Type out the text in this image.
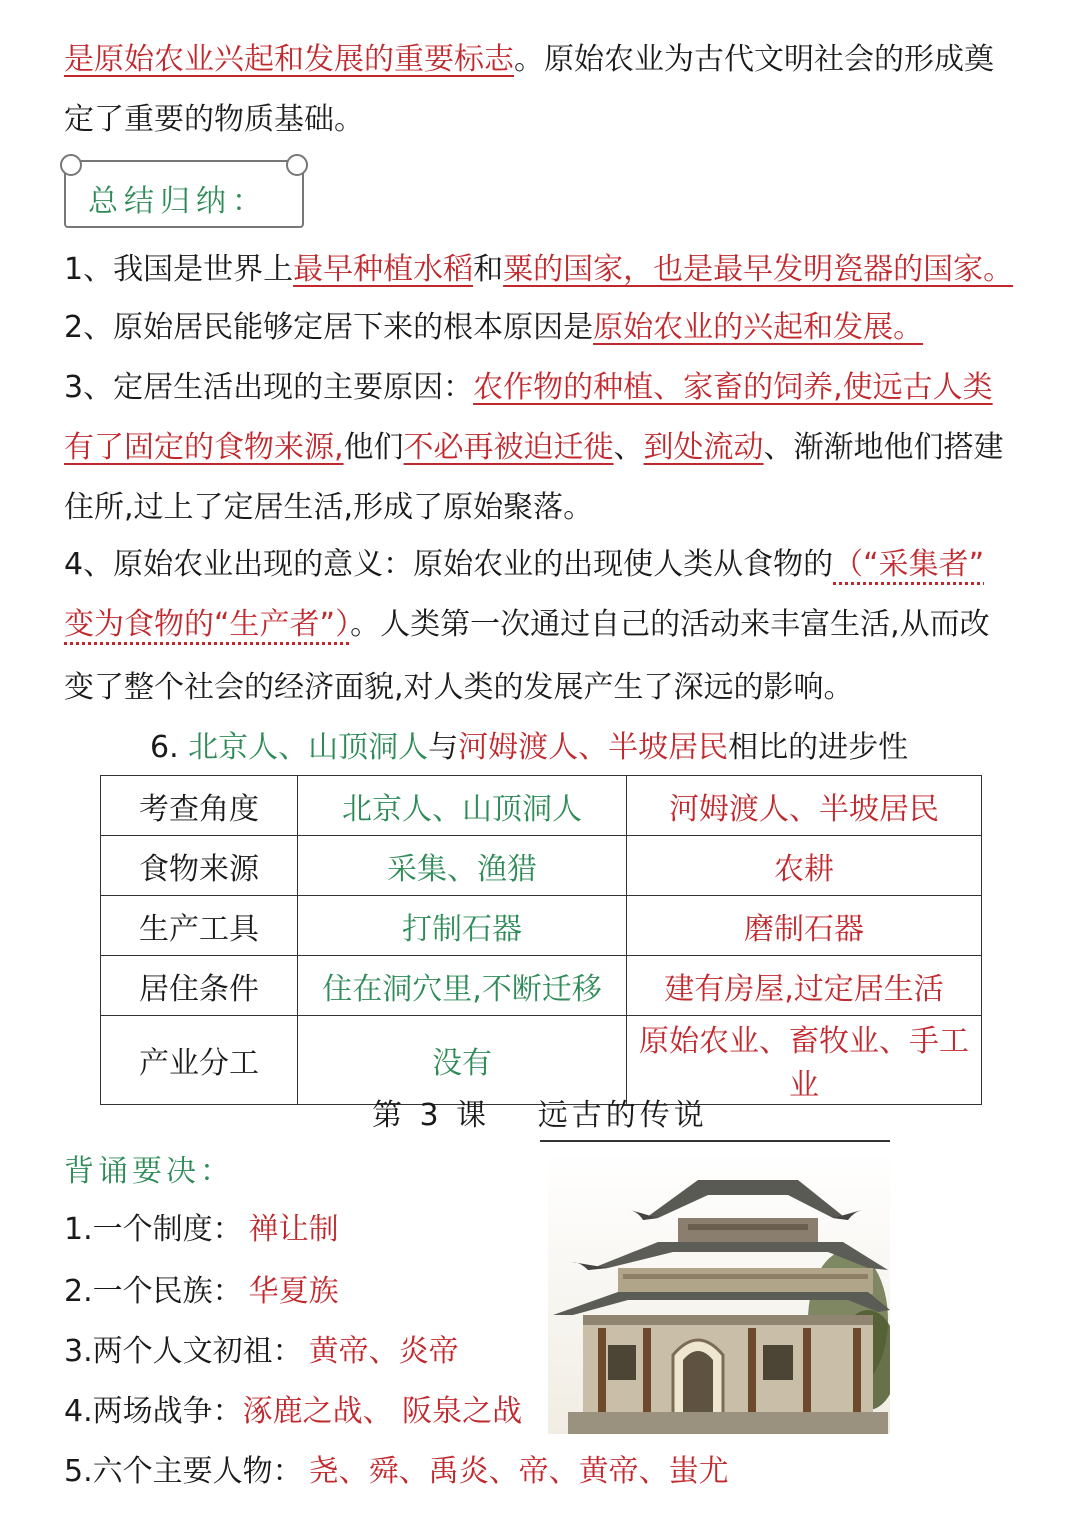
是原始农业兴起和发展的重要标志。原始农业为古代文明社会的形成奠
定了重要的物质基础。
总结归纳：
1、我国是世界上最早种植水稻和粟的国家，也是最早发明瓷器的国家。
2、原始居民能够定居下来的根本原因是原始农业的兴起和发展。
3、定居生活出现的主要原因：农作物的种植、家畜的饲养,使远古人类
有了固定的食物来源,他们不必再被迫迁徙、到处流动、渐渐地他们搭建
住所,过上了定居生活,形成了原始聚落。
4、原始农业出现的意义：原始农业的出现使人类从食物的（“采集者”
变为食物的“生产者”）。人类第一次通过自己的活动来丰富生活,从而改
变了整个社会的经济面貌,对人类的发展产生了深远的影响。
6. 北京人、山顶洞人与河姆渡人、半坡居民相比的进步性
考查角度	北京人、山顶洞人	河姆渡人、半坡居民
食物来源	采集、渔猎	农耕
生产工具	打制石器	磨制石器
居住条件	住在洞穴里,不断迁移	建有房屋,过定居生活
产业分工	没有	原始农业、畜牧业、手工业
第 3 课　 远古的传说
背诵要决：
1.一个制度： 禅让制
2.一个民族： 华夏族
3.两个人文初祖： 黄帝、炎帝
4.两场战争：涿鹿之战、 阪泉之战
5.六个主要人物： 尧、舜、禹炎、帝、黄帝、蚩尤
